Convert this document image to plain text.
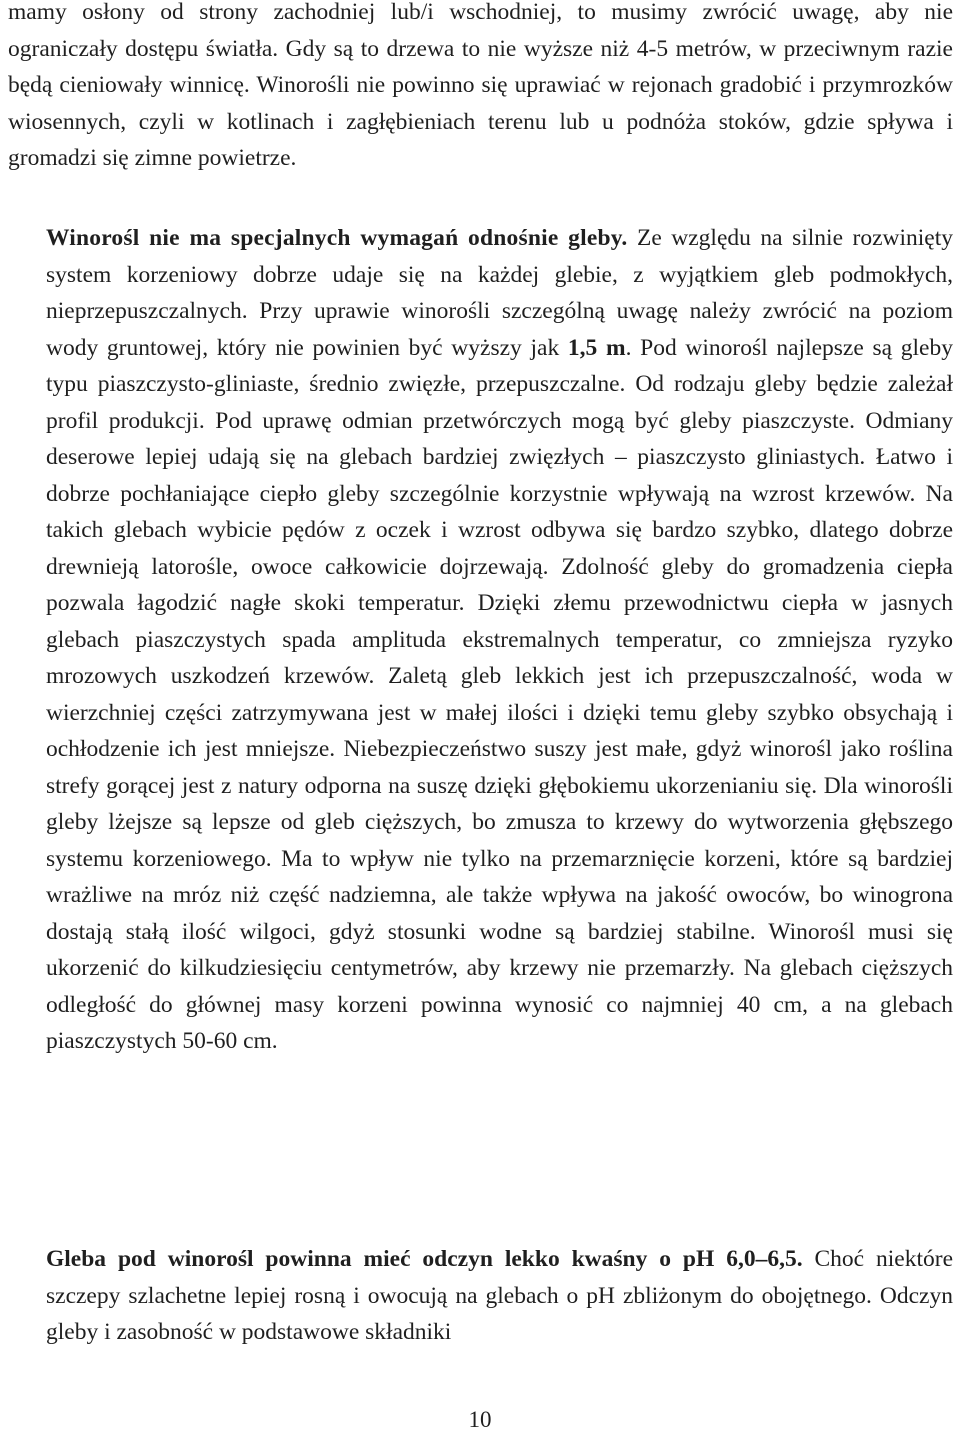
mamy osłony od strony zachodniej lub/i wschodniej, to musimy zwrócić uwagę, aby nie ograniczały dostępu światła. Gdy są to drzewa to nie wyższe niż 4-5 metrów, w przeciwnym razie będą cieniowały winnicę. Winorośli nie powinno się uprawiać w rejonach gradobić i przymrozków wiosennych, czyli w kotlinach i zagłębieniach terenu lub u podnóża stoków, gdzie spływa i gromadzi się zimne powietrze.

Winorośl nie ma specjalnych wymagań odnośnie gleby. Ze względu na silnie rozwinięty system korzeniowy dobrze udaje się na każdej glebie, z wyjątkiem gleb podmokłych, nieprzepuszczalnych. Przy uprawie winorośli szczególną uwagę należy zwrócić na poziom wody gruntowej, który nie powinien być wyższy jak 1,5 m. Pod winorośl najlepsze są gleby typu piaszczysto-gliniaste, średnio zwięzłe, przepuszczalne. Od rodzaju gleby będzie zależał profil produkcji. Pod uprawę odmian przetwórczych mogą być gleby piaszczyste. Odmiany deserowe lepiej udają się na glebach bardziej zwięzłych – piaszczysto gliniastych. Łatwo i dobrze pochłaniające ciepło gleby szczególnie korzystnie wpływają na wzrost krzewów. Na takich glebach wybicie pędów z oczek i wzrost odbywa się bardzo szybko, dlatego dobrze drewnieją latorośle, owoce całkowicie dojrzewają. Zdolność gleby do gromadzenia ciepła pozwala łagodzić nagłe skoki temperatur. Dzięki złemu przewodnictwu ciepła w jasnych glebach piaszczystych spada amplituda ekstremalnych temperatur, co zmniejsza ryzyko mrozowych uszkodzeń krzewów. Zaletą gleb lekkich jest ich przepuszczalność, woda w wierzchniej części zatrzymywana jest w małej ilości i dzięki temu gleby szybko obsychają i ochłodzenie ich jest mniejsze. Niebezpieczeństwo suszy jest małe, gdyż winorośl jako roślina strefy gorącej jest z natury odporna na suszę dzięki głębokiemu ukorzenianiu się. Dla winorośli gleby lżejsze są lepsze od gleb cięższych, bo zmusza to krzewy do wytworzenia głębszego systemu korzeniowego. Ma to wpływ nie tylko na przemarznięcie korzeni, które są bardziej wrażliwe na mróz niż część nadziemna, ale także wpływa na jakość owoców, bo winogrona dostają stałą ilość wilgoci, gdyż stosunki wodne są bardziej stabilne. Winorośl musi się ukorzenić do kilkudziesięciu centymetrów, aby krzewy nie przemarzły. Na glebach cięższych odległość do głównej masy korzeni powinna wynosić co najmniej 40 cm, a na glebach piaszczystych 50-60 cm.

Gleba pod winorośl powinna mieć odczyn lekko kwaśny o pH 6,0–6,5. Choć niektóre szczepy szlachetne lepiej rosną i owocują na glebach o pH zbliżonym do obojętnego. Odczyn gleby i zasobność w podstawowe składniki

10
